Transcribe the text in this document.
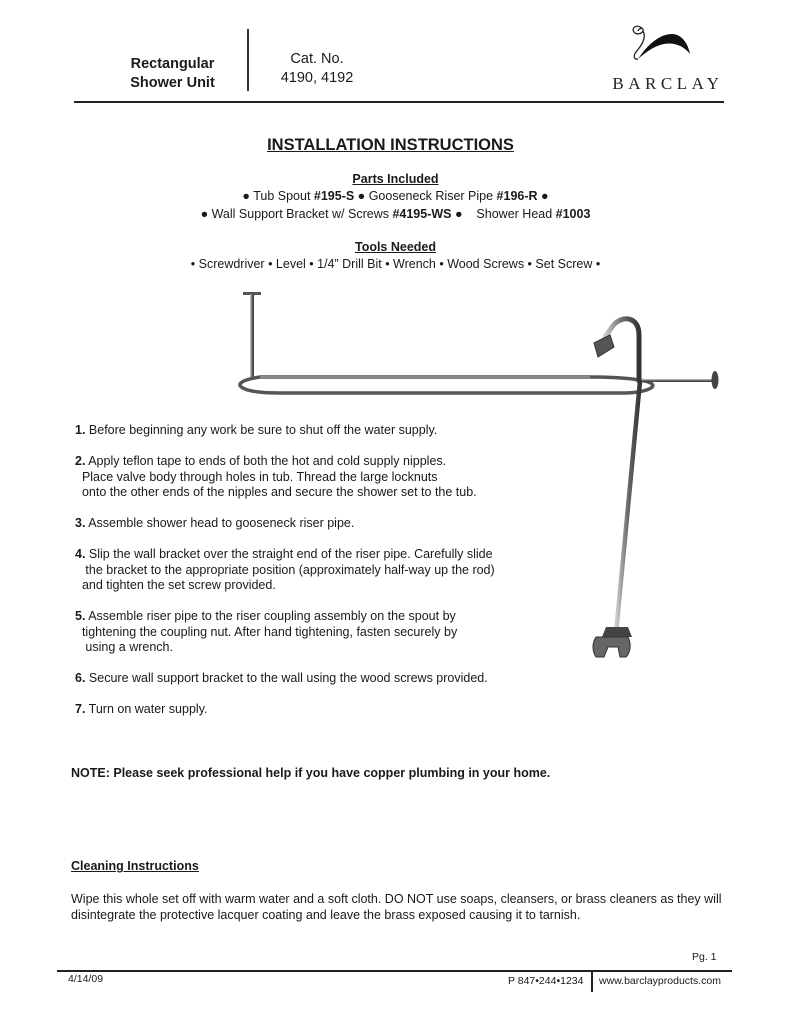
Rectangular
Shower Unit
Cat. No.
4190, 4192	BARCLAY
INSTALLATION INSTRUCTIONS
Parts Included
● Tub Spout #195-S ● Gooseneck Riser Pipe #196-R ●
● Wall Support Bracket w/ Screws #4195-WS ●    Shower Head #1003
Tools Needed
• Screwdriver • Level • 1/4” Drill Bit • Wrench • Wood Screws • Set Screw •
1. Before beginning any work be sure to shut off the water supply.
2. Apply teflon tape to ends of both the hot and cold supply nipples.
Place valve body through holes in tub. Thread the large locknuts
onto the other ends of the nipples and secure the shower set to the tub.
3. Assemble shower head to gooseneck riser pipe.
4. Slip the wall bracket over the straight end of the riser pipe. Carefully slide
the bracket to the appropriate position (approximately half-way up the rod)
and tighten the set screw provided.
5. Assemble riser pipe to the riser coupling assembly on the spout by
tightening the coupling nut. After hand tightening, fasten securely by
using a wrench.
6. Secure wall support bracket to the wall using the wood screws provided.
7. Turn on water supply.
NOTE: Please seek professional help if you have copper plumbing in your home.
Cleaning Instructions
Wipe this whole set off with warm water and a soft cloth. DO NOT use soaps, cleansers, or brass cleaners as they will disintegrate the protective lacquer coating and leave the brass exposed causing it to tarnish.
Pg. 1
4/14/09	P 847•244•1234 www.barclayproducts.com
